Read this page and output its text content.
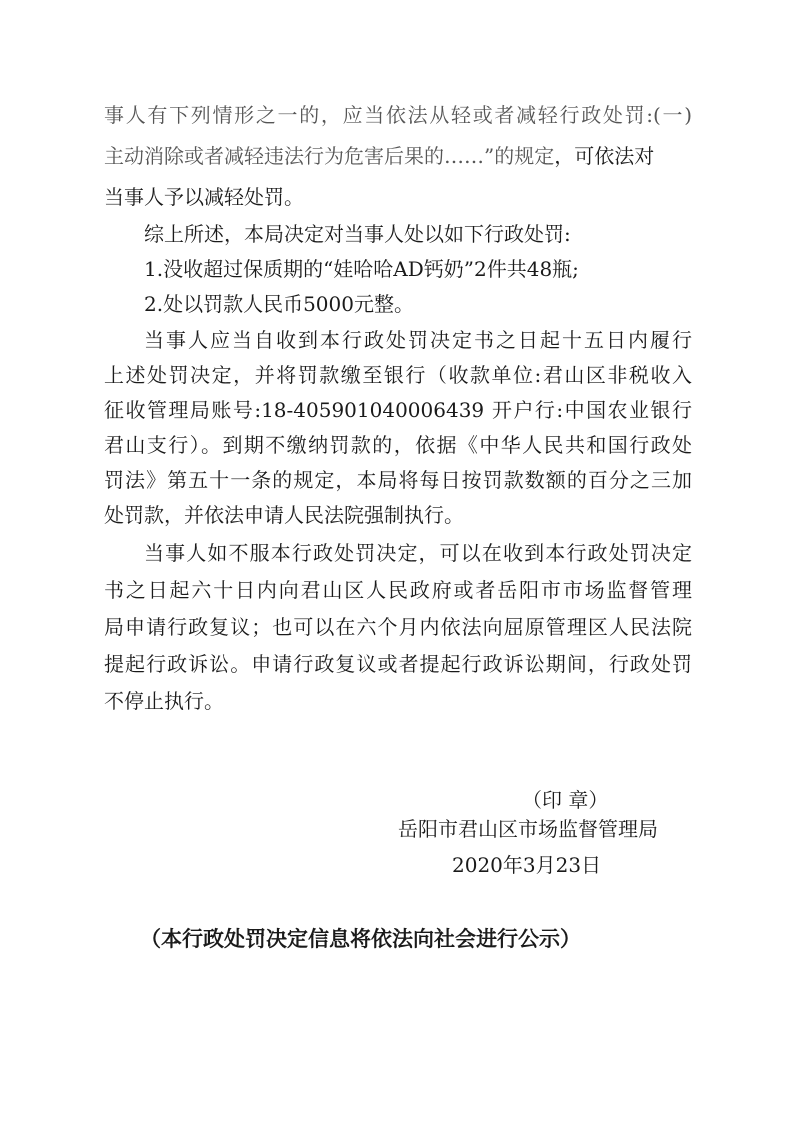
事人有下列情形之一的，应当依法从轻或者减轻行政处罚:(一)
主动消除或者减轻违法行为危害后果的……”的规定，可依法对
当事人予以减轻处罚。
综上所述，本局决定对当事人处以如下行政处罚:
1.没收超过保质期的“娃哈哈AD钙奶”2件共48瓶;
2.处以罚款人民币5000元整。
当事人应当自收到本行政处罚决定书之日起十五日内履行
上述处罚决定，并将罚款缴至银行（收款单位:君山区非税收入
征收管理局账号:18-405901040006439 开户行:中国农业银行
君山支行）。到期不缴纳罚款的，依据《中华人民共和国行政处
罚法》第五十一条的规定，本局将每日按罚款数额的百分之三加
处罚款，并依法申请人民法院强制执行。
当事人如不服本行政处罚决定，可以在收到本行政处罚决定
书之日起六十日内向君山区人民政府或者岳阳市市场监督管理
局申请行政复议；也可以在六个月内依法向屈原管理区人民法院
提起行政诉讼。申请行政复议或者提起行政诉讼期间，行政处罚
不停止执行。
（印 章）
岳阳市君山区市场监督管理局
2020年3月23日
（本行政处罚决定信息将依法向社会进行公示）
